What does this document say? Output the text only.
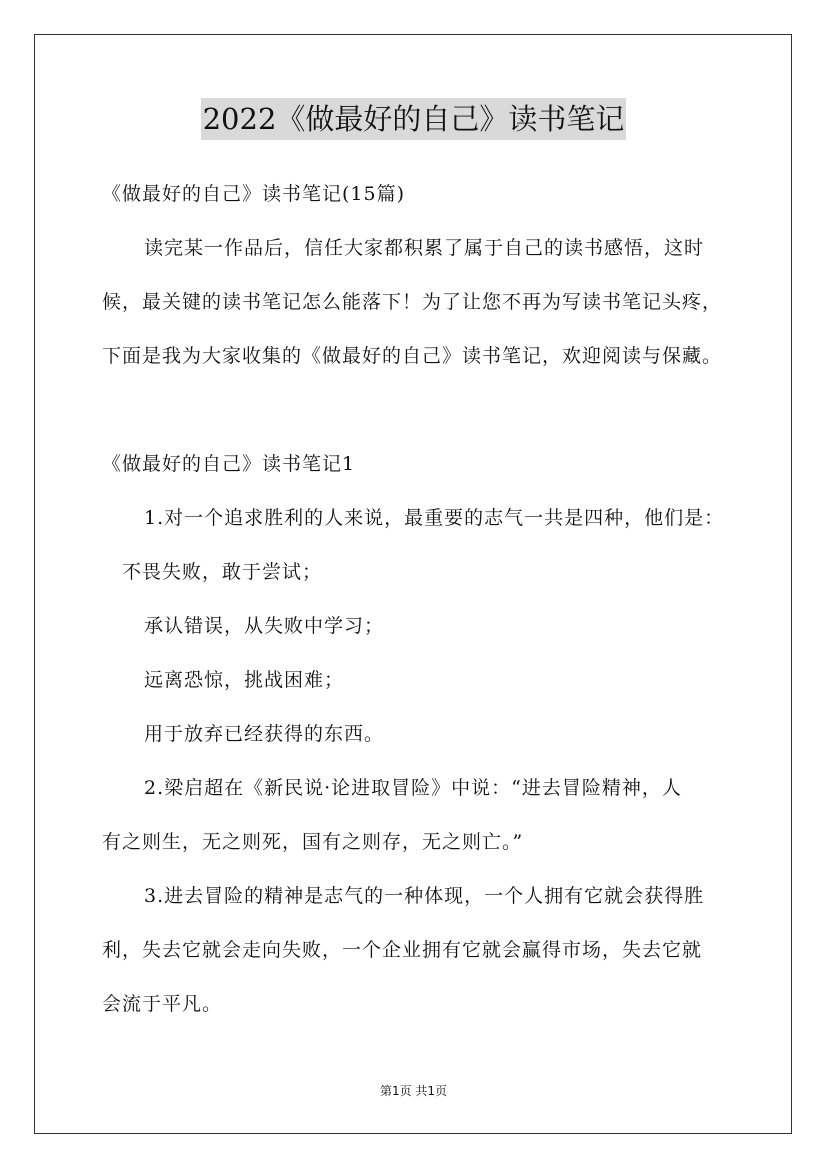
2022《做最好的自己》读书笔记
《做最好的自己》读书笔记(15篇)
读完某一作品后，信任大家都积累了属于自己的读书感悟，这时
候，最关键的读书笔记怎么能落下！为了让您不再为写读书笔记头疼，
下面是我为大家收集的《做最好的自己》读书笔记，欢迎阅读与保藏。
《做最好的自己》读书笔记1
1.对一个追求胜利的人来说，最重要的志气一共是四种，他们是：
不畏失败，敢于尝试；
承认错误，从失败中学习；
远离恐惊，挑战困难；
用于放弃已经获得的东西。
2.梁启超在《新民说·论进取冒险》中说：“进去冒险精神，人
有之则生，无之则死，国有之则存，无之则亡。”
3.进去冒险的精神是志气的一种体现，一个人拥有它就会获得胜
利，失去它就会走向失败，一个企业拥有它就会赢得市场，失去它就
会流于平凡。
第1页 共1页
